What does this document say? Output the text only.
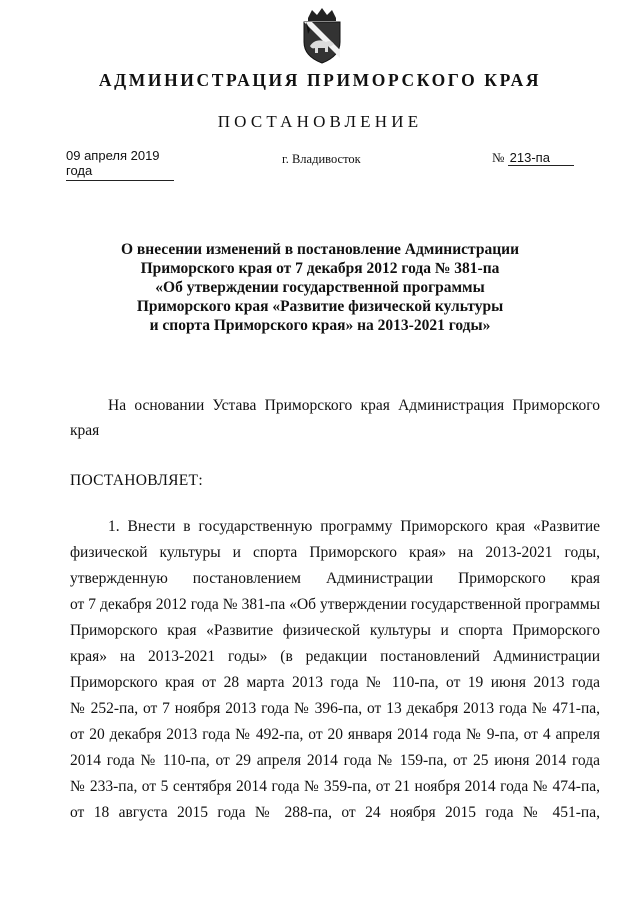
АДМИНИСТРАЦИЯ ПРИМОРСКОГО КРАЯ
ПОСТАНОВЛЕНИЕ
09 апреля 2019 года
г. Владивосток	№ 213-па
О внесении изменений в постановление Администрации
Приморского края от 7 декабря 2012 года № 381-па
«Об утверждении государственной программы
Приморского края «Развитие физической культуры
и спорта Приморского края» на 2013-2021 годы»
На основании Устава Приморского края Администрация Приморского
края
ПОСТАНОВЛЯЕТ:
1. Внести в государственную программу Приморского края «Развитие
физической культуры и спорта Приморского края» на 2013-2021 годы,
утвержденную постановлением Администрации Приморского края
от 7 декабря 2012 года № 381-па «Об утверждении государственной программы
Приморского края «Развитие физической культуры и спорта Приморского
края» на 2013-2021 годы» (в редакции постановлений Администрации
Приморского края от 28 марта 2013 года № 110-па, от 19 июня 2013 года
№ 252-па, от 7 ноября 2013 года № 396-па, от 13 декабря 2013 года № 471-па,
от 20 декабря 2013 года № 492-па, от 20 января 2014 года № 9-па, от 4 апреля
2014 года № 110-па, от 29 апреля 2014 года № 159-па, от 25 июня 2014 года
№ 233-па, от 5 сентября 2014 года № 359-па, от 21 ноября 2014 года № 474-па,
от 18 августа 2015 года № 288-па, от 24 ноября 2015 года № 451-па,
